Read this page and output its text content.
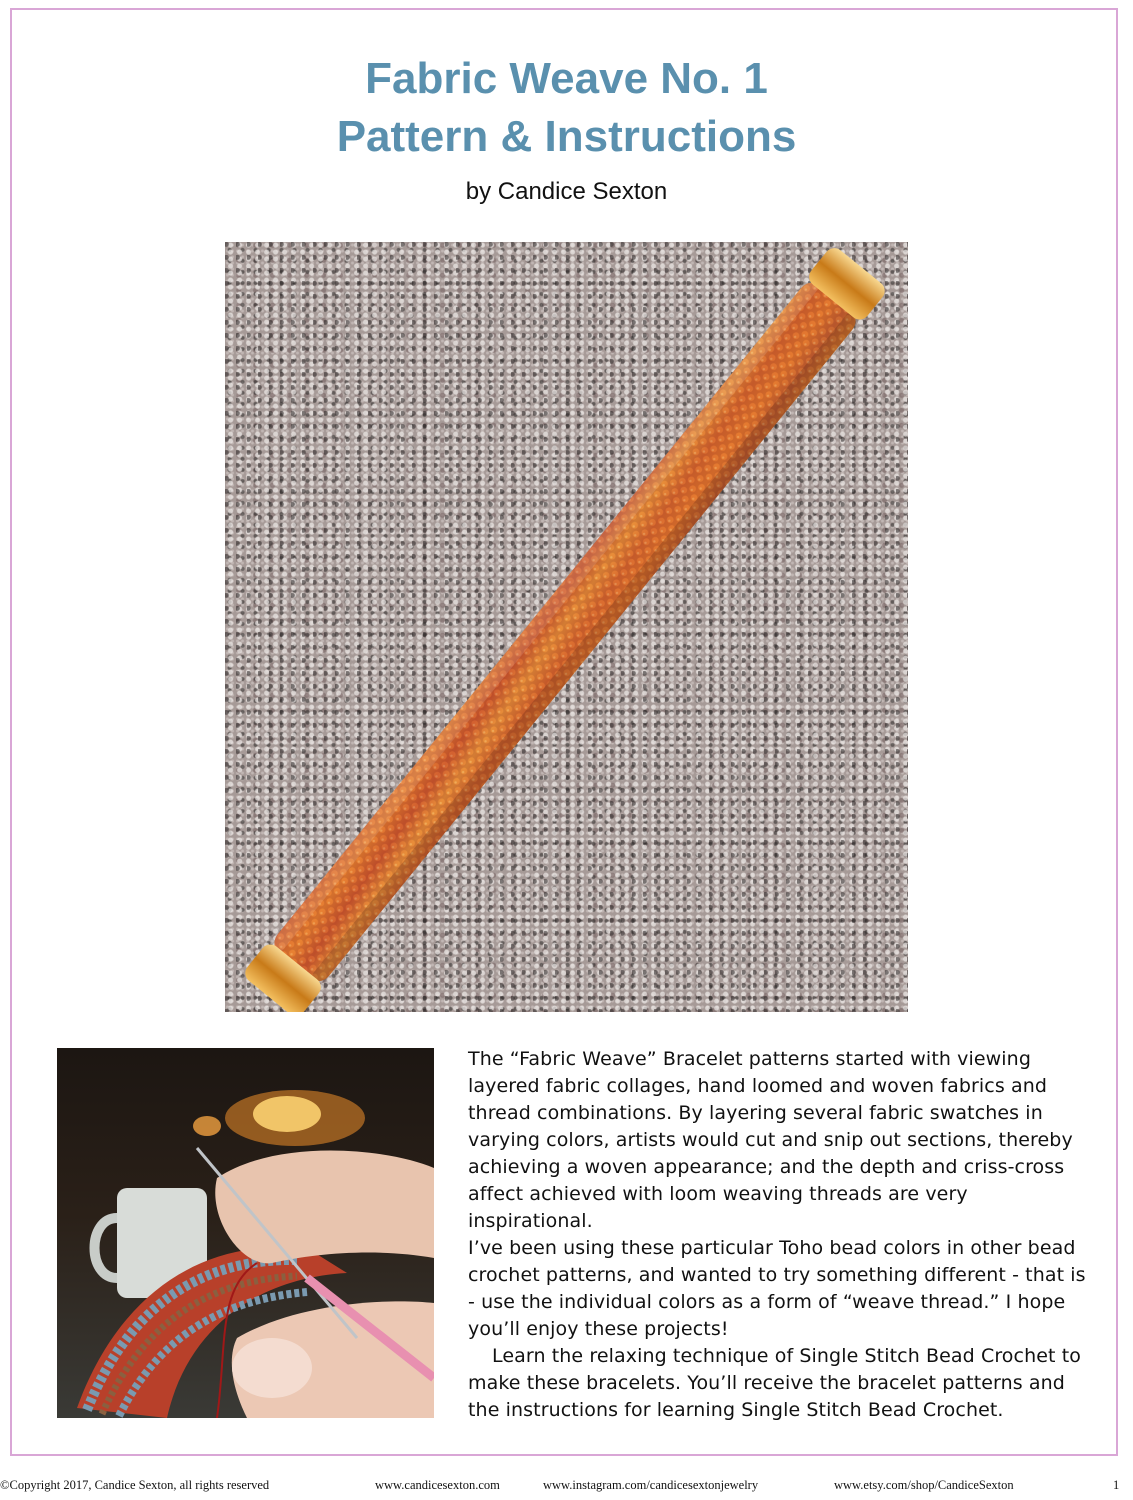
Fabric Weave No. 1
Pattern & Instructions
by Candice Sexton

The “Fabric Weave” Bracelet patterns started with viewing layered fabric collages, hand loomed and woven fabrics and thread combinations. By layering several fabric swatches in varying colors, artists would cut and snip out sections, thereby achieving a woven appearance; and the depth and criss-cross affect achieved with loom weaving threads are very inspirational.

I’ve been using these particular Toho bead colors in other bead crochet patterns, and wanted to try something different - that is - use the individual colors as a form of “weave thread.” I hope you’ll enjoy these projects!

Learn the relaxing technique of Single Stitch Bead Crochet to make these bracelets. You’ll receive the bracelet patterns and the instructions for learning Single Stitch Bead Crochet.

©Copyright 2017, Candice Sexton, all rights reserved	www.candicesexton.com	www.instagram.com/candicesextonjewelry	www.etsy.com/shop/CandiceSexton	1
